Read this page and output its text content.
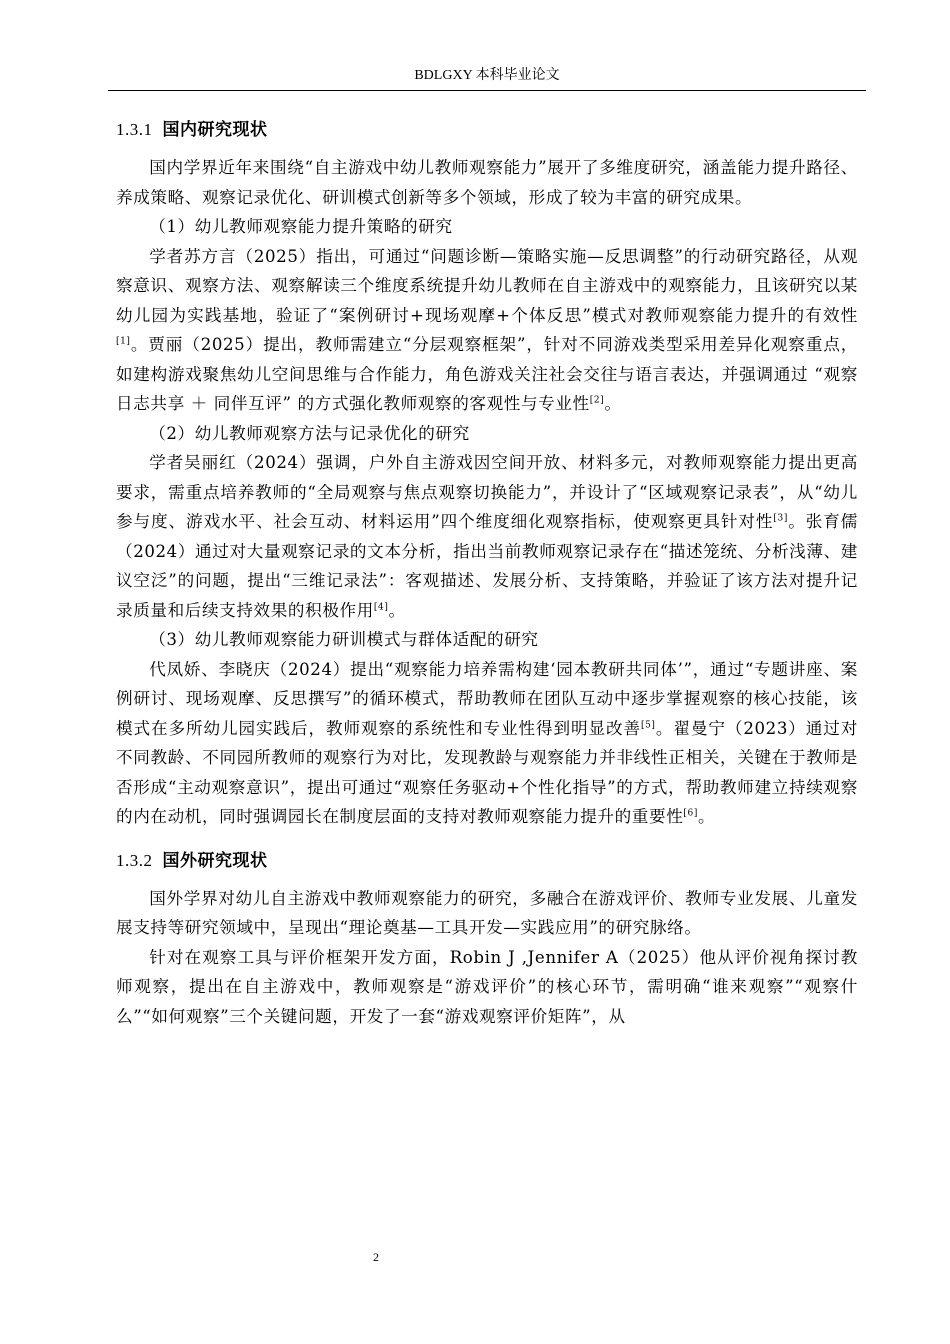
BDLGXY 本科毕业论文
1.3.1 国内研究现状

国内学界近年来围绕“自主游戏中幼儿教师观察能力”展开了多维度研究，涵盖能力提升路径、养成策略、观察记录优化、研训模式创新等多个领域，形成了较为丰富的研究成果。

（1）幼儿教师观察能力提升策略的研究

学者苏方言（2025）指出，可通过“问题诊断—策略实施—反思调整”的行动研究路径，从观察意识、观察方法、观察解读三个维度系统提升幼儿教师在自主游戏中的观察能力，且该研究以某幼儿园为实践基地，验证了“案例研讨+现场观摩+个体反思”模式对教师观察能力提升的有效性[1]。贾丽（2025）提出，教师需建立“分层观察框架”，针对不同游戏类型采用差异化观察重点，如建构游戏聚焦幼儿空间思维与合作能力，角色游戏关注社会交往与语言表达，并强调通过 “观察日志共享 ＋ 同伴互评” 的方式强化教师观察的客观性与专业性[2]。

（2）幼儿教师观察方法与记录优化的研究

学者吴丽红（2024）强调，户外自主游戏因空间开放、材料多元，对教师观察能力提出更高要求，需重点培养教师的“全局观察与焦点观察切换能力”，并设计了“区域观察记录表”，从“幼儿参与度、游戏水平、社会互动、材料运用”四个维度细化观察指标，使观察更具针对性[3]。张育儒（2024）通过对大量观察记录的文本分析，指出当前教师观察记录存在“描述笼统、分析浅薄、建议空泛”的问题，提出“三维记录法”：客观描述、发展分析、支持策略，并验证了该方法对提升记录质量和后续支持效果的积极作用[4]。

（3）幼儿教师观察能力研训模式与群体适配的研究

代凤娇、李晓庆（2024）提出“观察能力培养需构建‘园本教研共同体’”，通过“专题讲座、案例研讨、现场观摩、反思撰写”的循环模式，帮助教师在团队互动中逐步掌握观察的核心技能，该模式在多所幼儿园实践后，教师观察的系统性和专业性得到明显改善[5]。翟曼宁（2023）通过对不同教龄、不同园所教师的观察行为对比，发现教龄与观察能力并非线性正相关，关键在于教师是否形成“主动观察意识”，提出可通过“观察任务驱动+个性化指导”的方式，帮助教师建立持续观察的内在动机，同时强调园长在制度层面的支持对教师观察能力提升的重要性[6]。

1.3.2 国外研究现状

国外学界对幼儿自主游戏中教师观察能力的研究，多融合在游戏评价、教师专业发展、儿童发展支持等研究领域中，呈现出“理论奠基—工具开发—实践应用”的研究脉络。

针对在观察工具与评价框架开发方面，Robin J ,Jennifer A（2025）他从评价视角探讨教师观察，提出在自主游戏中，教师观察是“游戏评价”的核心环节，需明确“谁来观察”“观察什么”“如何观察”三个关键问题，开发了一套“游戏观察评价矩阵”，从

2
